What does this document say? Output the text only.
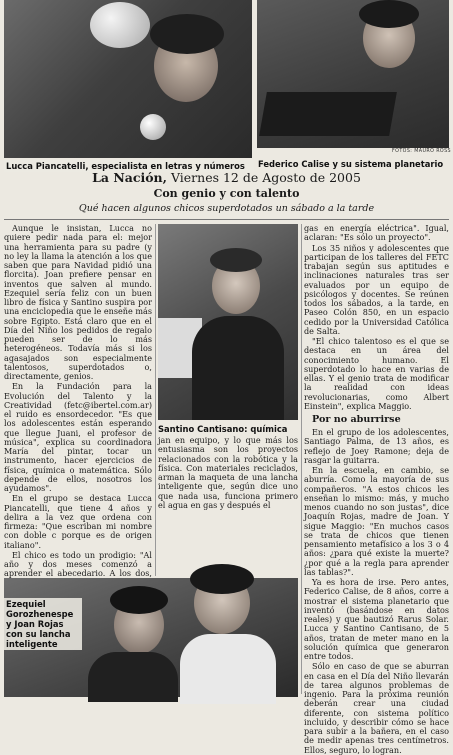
Lucca Piancatelli, especialista en letras y números
FOTOS: MAURO ROSS
Federico Calise y su sistema planetario
La Nación, Viernes 12 de Agosto de 2005
Con genio y con talento
Qué hacen algunos chicos superdotados un sábado a la tarde

Aunque le insistan, Lucca no quiere pedir nada para el: mejor una herramienta para su padre (y no ley la llama la atención a los que saben que para Navidad pidió una florcita). Joan prefiere pensar en inventos que salven al mundo. Ezequiel sería feliz con un buen libro de física y Santino suspira por una enciclopedia que le enseñe más sobre Egipto. Está claro que en el Día del Niño los pedidos de regalo pueden ser de lo más heterogéneos. Todavía más si los agasajados son especialmente talentosos, superdotados o, directamente, genios.

En la Fundación para la Evolución del Talento y la Creatividad (fetc@ibertel.com.ar) el ruido es ensordecedor. "Es que los adolescentes están esperando que llegue Juani, el profesor de música", explica su coordinadora María del pintar, tocar un instrumento, hacer ejercicios de física, química o matemática. Sólo depende de ellos, nosotros los ayudamos".

En el grupo se destaca Lucca Piancatelli, que tiene 4 años y delira a la vez que ordena con firmeza: "Que escriban mi nombre con doble c porque es de origen italiano".

El chico es todo un prodigio: "Al año y dos meses comenzó a aprender el abecedario. A los dos,

Santino Cantisano: química

jan en equipo, y lo que más los entusiasma son los proyectos relacionados con la robótica y la física. Con materiales reciclados, arman la maqueta de una lancha inteligente que, según dice uno que nada usa, funciona primero el agua en gas y después el

gas en energía eléctrica". Igual, aclaran: "Es sólo un proyecto".

Los 35 niños y adolescentes que participan de los talleres del FETC trabajan según sus aptitudes e inclinaciones naturales tras ser evaluados por un equipo de psicólogos y docentes. Se reúnen todos los sábados, a la tarde, en Paseo Colón 850, en un espacio cedido por la Universidad Católica de Salta.

"El chico talentoso es el que se destaca en un área del conocimiento humano. El superdotado lo hace en varias de ellas. Y el genio trata de modificar la realidad con ideas revolucionarias, como Albert Einstein", explica Maggio.

Por no aburrirse

En el grupo de los adolescentes, Santiago Palma, de 13 años, es reflejo de Joey Ramone; deja de rasgar la guitarra.

En la escuela, en cambio, se aburría. Como la mayoría de sus compañeros. "A estos chicos les enseñan lo mismo: más, y mucho menos cuando no son justas", dice Joaquín Rojas, madre de Joan. Y sigue Maggio: "En muchos casos se trata de chicos que tienen pensamiento metafísico a los 3 o 4 años: ¿para qué existe la muerte? ¿por qué a la regla para aprender las tablas?".

Ya es hora de irse. Pero antes, Federico Calise, de 8 años, corre a mostrar el sistema planetario que inventó (basándose en datos reales) y que bautizó Rarus Solar. Lucca y Santino Cantisano, de 5 años, tratan de meter mano en la solución química que generaron entre todos.

Sólo en caso de que se aburran en casa en el Día del Niño llevarán de tarea algunos problemas de ingenio. Para la próxima reunión deberán crear una ciudad diferente, con sistema político incluido, y describir cómo se hace para subir a la bañera, en el caso de medir apenas tres centímetros. Ellos, seguro, lo logran.

Ezequiel Gorozhenespe y Joan Rojas con su lancha inteligente
